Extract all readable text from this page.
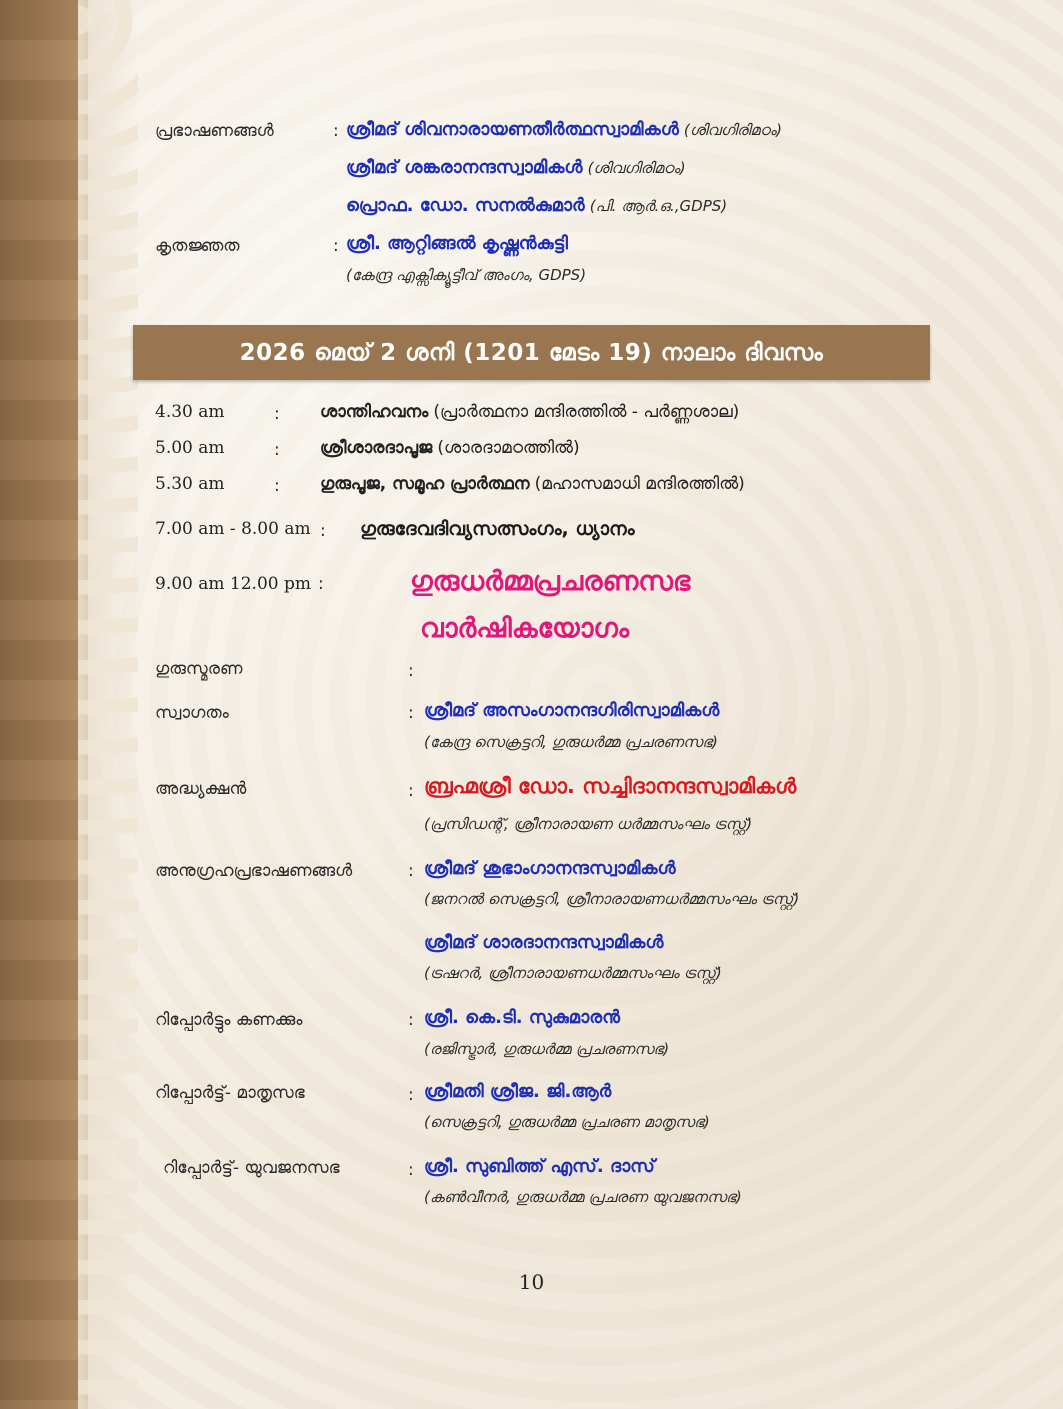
പ്രഭാഷണങ്ങൾ	: ശ്രീമദ് ശിവനാരായണതീർത്ഥസ്വാമികൾ (ശിവഗിരിമഠം)
ശ്രീമദ് ശങ്കരാനന്ദസ്വാമികൾ (ശിവഗിരിമഠം)
പ്രൊഫ. ഡോ. സനൽകുമാർ (പി. ആർ.ഒ.,GDPS)
കൃതജ്ഞത	: ശ്രീ. ആറ്റിങ്ങൽ കൃഷ്ണൻകുട്ടി
(കേന്ദ്ര എക്സിക്യൂട്ടീവ് അംഗം, GDPS)
2026 മെയ് 2 ശനി (1201 മേടം 19) നാലാം ദിവസം
4.30 am	: ശാന്തിഹവനം (പ്രാർത്ഥനാ മന്ദിരത്തിൽ - പർണ്ണശാല)
5.00 am	: ശ്രീശാരദാപൂജ (ശാരദാമഠത്തിൽ)
5.30 am	: ഗുരുപൂജ, സമൂഹ പ്രാർത്ഥന (മഹാസമാധി മന്ദിരത്തിൽ)
7.00 am - 8.00 am : ഗുരുദേവദിവ്യസത്സംഗം, ധ്യാനം
9.00 am 12.00 pm :	ഗുരുധർമ്മപ്രചരണസഭ
വാർഷികയോഗം
ഗുരുസ്മരണ	:
സ്വാഗതം	: ശ്രീമദ് അസംഗാനന്ദഗിരിസ്വാമികൾ
(കേന്ദ്ര സെക്രട്ടറി, ഗുരുധർമ്മ പ്രചരണസഭ)
അദ്ധ്യക്ഷൻ	: ബ്രഹ്മശ്രീ ഡോ. സച്ചിദാനന്ദസ്വാമികൾ
(പ്രസിഡന്റ്, ശ്രീനാരായണ ധർമ്മസംഘം ട്രസ്റ്റ്)
അനുഗ്രഹപ്രഭാഷണങ്ങൾ	: ശ്രീമദ് ശുഭാംഗാനന്ദസ്വാമികൾ
(ജനറൽ സെക്രട്ടറി, ശ്രീനാരായണധർമ്മസംഘം ട്രസ്റ്റ്)
ശ്രീമദ് ശാരദാനന്ദസ്വാമികൾ
(ട്രഷറർ, ശ്രീനാരായണധർമ്മസംഘം ട്രസ്റ്റ്)
റിപ്പോർട്ടും കണക്കും	: ശ്രീ. കെ.ടി. സുകുമാരൻ
(രജിസ്ട്രാർ, ഗുരുധർമ്മ പ്രചരണസഭ)
റിപ്പോർട്ട്- മാതൃസഭ	: ശ്രീമതി ശ്രീജ. ജി.ആർ
(സെക്രട്ടറി, ഗുരുധർമ്മ പ്രചരണ മാതൃസഭ)
റിപ്പോർട്ട്- യുവജനസഭ	: ശ്രീ. സുബിത്ത് എസ്. ദാസ്
(കൺവീനർ, ഗുരുധർമ്മ പ്രചരണ യുവജനസഭ)
10
